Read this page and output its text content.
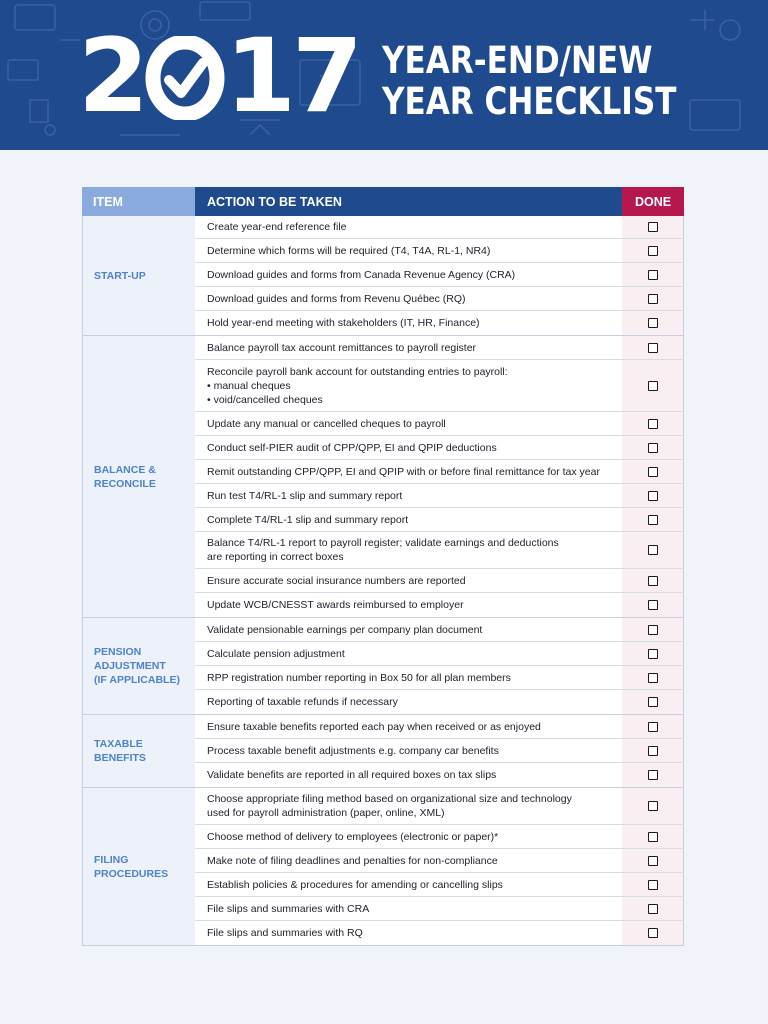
2 17 YEAR-END/NEW
YEAR CHECKLIST
ITEM	ACTION TO BE TAKEN	DONE
START-UP
Create year-end reference file
Determine which forms will be required (T4, T4A, RL-1, NR4)
Download guides and forms from Canada Revenue Agency (CRA)
Download guides and forms from Revenu Québec (RQ)
Hold year-end meeting with stakeholders (IT, HR, Finance)
BALANCE &
RECONCILE
Balance payroll tax account remittances to payroll register
Reconcile payroll bank account for outstanding entries to payroll:
• manual cheques
• void/cancelled cheques
Update any manual or cancelled cheques to payroll
Conduct self-PIER audit of CPP/QPP, EI and QPIP deductions
Remit outstanding CPP/QPP, EI and QPIP with or before final remittance for tax year
Run test T4/RL-1 slip and summary report
Complete T4/RL-1 slip and summary report
Balance T4/RL-1 report to payroll register; validate earnings and deductions
are reporting in correct boxes
Ensure accurate social insurance numbers are reported
Update WCB/CNESST awards reimbursed to employer
PENSION
ADJUSTMENT
(IF APPLICABLE)
Validate pensionable earnings per company plan document
Calculate pension adjustment
RPP registration number reporting in Box 50 for all plan members
Reporting of taxable refunds if necessary
TAXABLE
BENEFITS
Ensure taxable benefits reported each pay when received or as enjoyed
Process taxable benefit adjustments e.g. company car benefits
Validate benefits are reported in all required boxes on tax slips
FILING
PROCEDURES
Choose appropriate filing method based on organizational size and technology
used for payroll administration (paper, online, XML)
Choose method of delivery to employees (electronic or paper)*
Make note of filing deadlines and penalties for non-compliance
Establish policies & procedures for amending or cancelling slips
File slips and summaries with CRA
File slips and summaries with RQ
